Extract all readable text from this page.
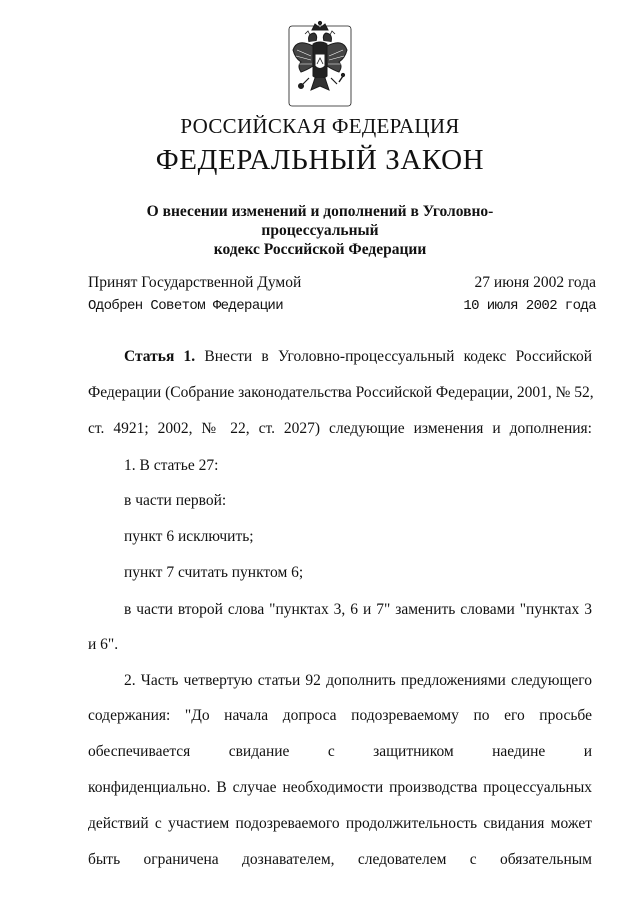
РОССИЙСКАЯ ФЕДЕРАЦИЯ
ФЕДЕРАЛЬНЫЙ ЗАКОН
О внесении изменений и дополнений в Уголовно-процессуальный
кодекс Российской Федерации
Принят Государственной Думой	27 июня 2002 года
Одобрен Советом Федерации	10 июля 2002 года
Статья 1. Внести в Уголовно-процессуальный кодекс Российской
Федерации (Собрание законодательства Российской Федерации, 2001, № 52,
ст. 4921; 2002, № 22, ст. 2027) следующие изменения и дополнения:
1. В статье 27:
в части первой:
пункт 6 исключить;
пункт 7 считать пунктом 6;
в части второй слова "пунктах 3, 6 и 7" заменить словами "пунктах 3
и 6".
2. Часть четвертую статьи 92 дополнить предложениями следующего
содержания: "До начала допроса подозреваемому по его просьбе
обеспечивается свидание с защитником наедине и
конфиденциально. В случае необходимости производства процессуальных
действий с участием подозреваемого продолжительность свидания может
быть ограничена дознавателем, следователем с обязательным
